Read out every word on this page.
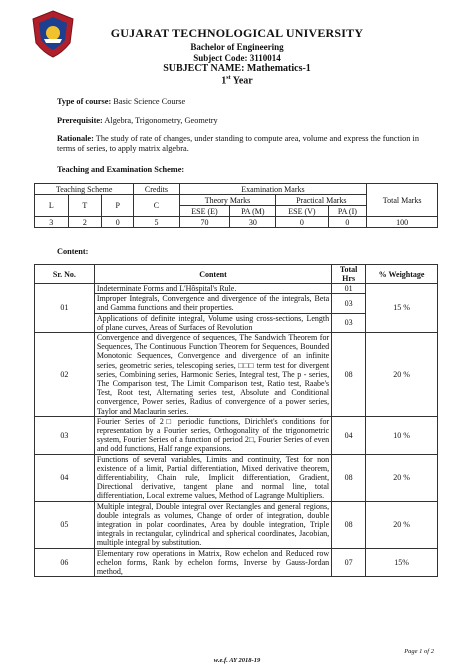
GUJARAT TECHNOLOGICAL UNIVERSITY
Bachelor of Engineering
Subject Code: 3110014
SUBJECT NAME: Mathematics-1
1st Year
Type of course: Basic Science Course
Prerequisite: Algebra, Trigonometry, Geometry
Rationale: The study of rate of changes, under standing to compute area, volume and express the function in terms of series, to apply matrix algebra.
Teaching and Examination Scheme:
Teaching Scheme			Credits	Examination Marks				Total Marks
L	T	P	C	Theory Marks		Practical Marks		
				ESE (E)	PA (M)	ESE (V)	PA (I)	
3	2	0	5	70	30	0	0	100
Content:
Sr. No.	Content	Total Hrs	% Weightage
01	Indeterminate Forms and L'Hôspital's Rule.	01	15 %
	Improper Integrals, Convergence and divergence of the integrals, Beta and Gamma functions and their properties.	03	
	Applications of definite integral, Volume using cross-sections, Length of plane curves, Areas of Surfaces of Revolution	03	
02	Convergence and divergence of sequences, The Sandwich Theorem for Sequences, The Continuous Function Theorem for Sequences, Bounded Monotonic Sequences, Convergence and divergence of an infinite series, geometric series, telescoping series, □□□ term test for divergent series, Combining series, Harmonic Series, Integral test, The p - series, The Comparison test, The Limit Comparison test, Ratio test, Raabe's Test, Root test, Alternating series test, Absolute and Conditional convergence, Power series, Radius of convergence of a power series, Taylor and Maclaurin series.	08	20 %
03	Fourier Series of 2□ periodic functions, Dirichlet's conditions for representation by a Fourier series, Orthogonality of the trigonometric system, Fourier Series of a function of period 2□, Fourier Series of even and odd functions, Half range expansions.	04	10 %
04	Functions of several variables, Limits and continuity, Test for non existence of a limit, Partial differentiation, Mixed derivative theorem, differentiability, Chain rule, Implicit differentiation, Gradient, Directional derivative, tangent plane and normal line, total differentiation, Local extreme values, Method of Lagrange Multipliers.	08	20 %
05	Multiple integral, Double integral over Rectangles and general regions, double integrals as volumes, Change of order of integration, double integration in polar coordinates, Area by double integration, Triple integrals in rectangular, cylindrical and spherical coordinates, Jacobian, multiple integral by substitution.	08	20 %
06	Elementary row operations in Matrix, Row echelon and Reduced row echelon forms, Rank by echelon forms, Inverse by Gauss-Jordan method,	07	15%
Page 1 of 2
w.e.f. AY 2018-19
